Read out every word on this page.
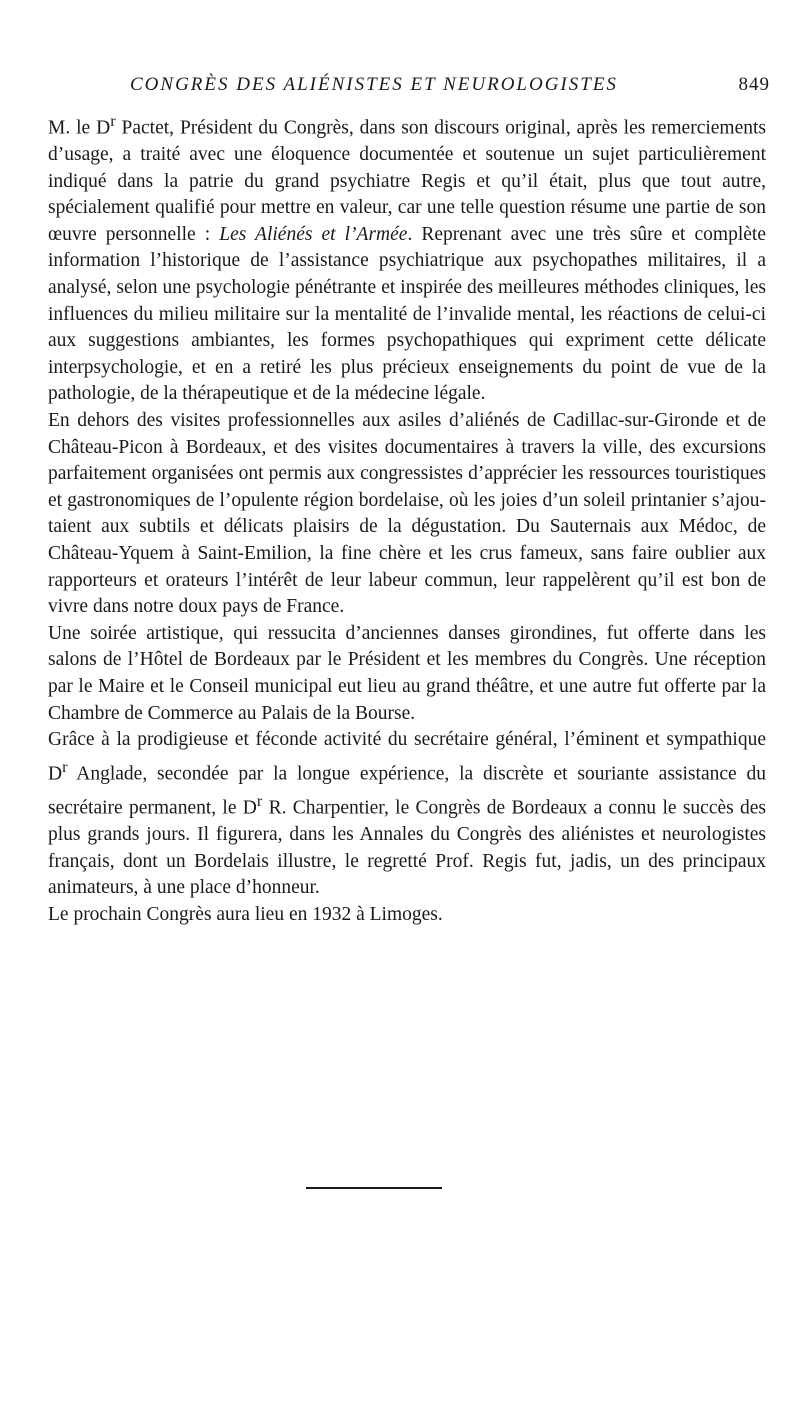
CONGRÈS DES ALIÉNISTES ET NEUROLOGISTES	849

M. le $D^r$ Pactet, Président du Congrès, dans son discours original, après les remerciements d’usage, a traité avec une éloquence documentée et soutenue un sujet particulièrement indiqué dans la patrie du grand psychiatre Regis et qu’il était, plus que tout autre, spécialement qualifié pour mettre en valeur, car une telle question résume une partie de son œuvre personnelle : Les Aliénés et l’Armée. Reprenant avec une très sûre et complète information l’historique de l’assistance psychiatrique aux psychopathes militaires, il a analysé, selon une psychologie pénétrante et inspirée des meilleures méthodes cliniques, les influences du milieu militaire sur la mentalité de l’invalide mental, les réactions de celui-ci aux suggestions ambiantes, les formes psychopathiques qui expriment cette délicate interpsychologie, et en a retiré les plus précieux enseignements du point de vue de la pathologie, de la thérapeutique et de la médecine légale.

En dehors des visites professionnelles aux asiles d’aliénés de Cadillac-sur-Gironde et de Château-Picon à Bordeaux, et des visites documentaires à travers la ville, des excursions parfaitement organisées ont permis aux congressistes d’apprécier les ressources touristiques et gastronomiques de l’opulente région bordelaise, où les joies d’un soleil printanier s’ajoutaient aux subtils et délicats plaisirs de la dégustation. Du Sauternais aux Médoc, de Château-Yquem à Saint-Emilion, la fine chère et les crus fameux, sans faire oublier aux rapporteurs et orateurs l’intérêt de leur labeur commun, leur rappelèrent qu’il est bon de vivre dans notre doux pays de France.

Une soirée artistique, qui ressucita d’anciennes danses girondines, fut offerte dans les salons de l’Hôtel de Bordeaux par le Président et les membres du Congrès. Une réception par le Maire et le Conseil municipal eut lieu au grand théâtre, et une autre fut offerte par la Chambre de Commerce au Palais de la Bourse.

Grâce à la prodigieuse et féconde activité du secrétaire général, l’éminent et sympathique $D^r$ Anglade, secondée par la longue expérience, la discrète et souriante assistance du secrétaire permanent, le $D^r$ R. Charpentier, le Congrès de Bordeaux a connu le succès des plus grands jours. Il figurera, dans les Annales du Congrès des aliénistes et neurologistes français, dont un Bordelais illustre, le regretté Prof. Regis fut, jadis, un des principaux animateurs, à une place d’honneur.

Le prochain Congrès aura lieu en 1932 à Limoges.
